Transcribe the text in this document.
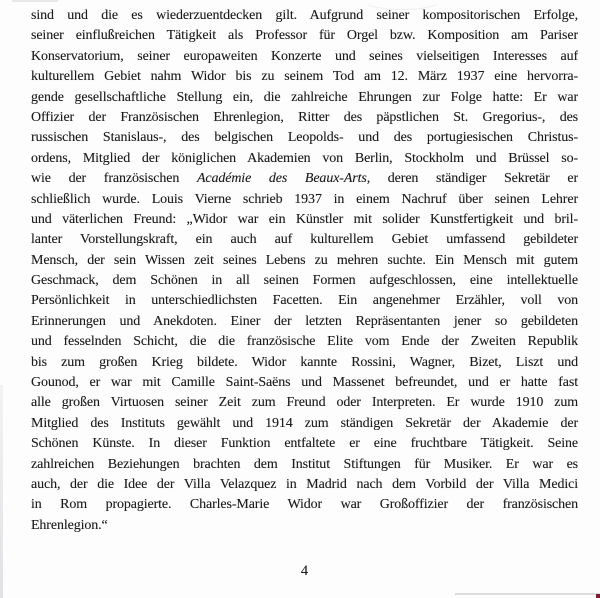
sind und die es wiederzuentdecken gilt. Aufgrund seiner kompositorischen Erfolge,
seiner einflußreichen Tätigkeit als Professor für Orgel bzw. Komposition am Pariser
Konservatorium, seiner europaweiten Konzerte und seines vielseitigen Interesses auf
kulturellem Gebiet nahm Widor bis zu seinem Tod am 12. März 1937 eine hervorra-
gende gesellschaftliche Stellung ein, die zahlreiche Ehrungen zur Folge hatte: Er war
Offizier der Französischen Ehrenlegion, Ritter des päpstlichen St. Gregorius-, des
russischen Stanislaus-, des belgischen Leopolds- und des portugiesischen Christus-
ordens, Mitglied der königlichen Akademien von Berlin, Stockholm und Brüssel so-
wie der französischen Académie des Beaux-Arts, deren ständiger Sekretär er
schließlich wurde. Louis Vierne schrieb 1937 in einem Nachruf über seinen Lehrer
und väterlichen Freund: „Widor war ein Künstler mit solider Kunstfertigkeit und bril-
lanter Vorstellungskraft, ein auch auf kulturellem Gebiet umfassend gebildeter
Mensch, der sein Wissen zeit seines Lebens zu mehren suchte. Ein Mensch mit gutem
Geschmack, dem Schönen in all seinen Formen aufgeschlossen, eine intellektuelle
Persönlichkeit in unterschiedlichsten Facetten. Ein angenehmer Erzähler, voll von
Erinnerungen und Anekdoten. Einer der letzten Repräsentanten jener so gebildeten
und fesselnden Schicht, die die französische Elite vom Ende der Zweiten Republik
bis zum großen Krieg bildete. Widor kannte Rossini, Wagner, Bizet, Liszt und
Gounod, er war mit Camille Saint-Saëns und Massenet befreundet, und er hatte fast
alle großen Virtuosen seiner Zeit zum Freund oder Interpreten. Er wurde 1910 zum
Mitglied des Instituts gewählt und 1914 zum ständigen Sekretär der Akademie der
Schönen Künste. In dieser Funktion entfaltete er eine fruchtbare Tätigkeit. Seine
zahlreichen Beziehungen brachten dem Institut Stiftungen für Musiker. Er war es
auch, der die Idee der Villa Velazquez in Madrid nach dem Vorbild der Villa Medici
in Rom propagierte. Charles-Marie Widor war Großoffizier der französischen
Ehrenlegion.“
4
